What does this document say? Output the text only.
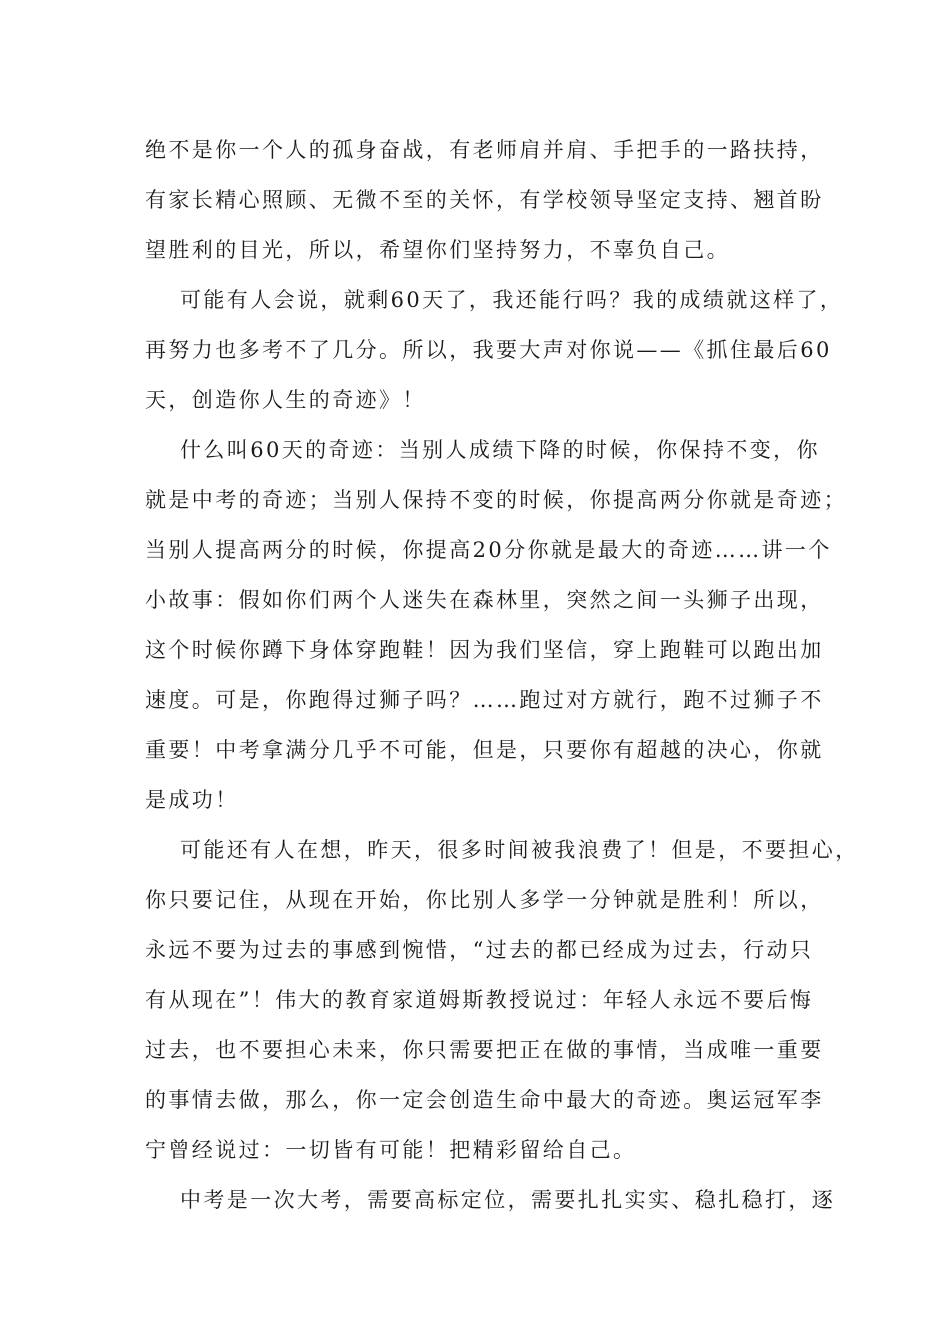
绝不是你一个人的孤身奋战，有老师肩并肩、手把手的一路扶持，
有家长精心照顾、无微不至的关怀，有学校领导坚定支持、翘首盼
望胜利的目光，所以，希望你们坚持努力，不辜负自己。
可能有人会说，就剩60天了，我还能行吗？我的成绩就这样了，
再努力也多考不了几分。所以，我要大声对你说——《抓住最后60
天，创造你人生的奇迹》！
什么叫60天的奇迹：当别人成绩下降的时候，你保持不变，你
就是中考的奇迹；当别人保持不变的时候，你提高两分你就是奇迹；
当别人提高两分的时候，你提高20分你就是最大的奇迹……讲一个
小故事：假如你们两个人迷失在森林里，突然之间一头狮子出现，
这个时候你蹲下身体穿跑鞋！因为我们坚信，穿上跑鞋可以跑出加
速度。可是，你跑得过狮子吗？……跑过对方就行，跑不过狮子不
重要！中考拿满分几乎不可能，但是，只要你有超越的决心，你就
是成功！
可能还有人在想，昨天，很多时间被我浪费了！但是，不要担心，
你只要记住，从现在开始，你比别人多学一分钟就是胜利！所以，
永远不要为过去的事感到惋惜，“过去的都已经成为过去，行动只
有从现在”！伟大的教育家道姆斯教授说过：年轻人永远不要后悔
过去，也不要担心未来，你只需要把正在做的事情，当成唯一重要
的事情去做，那么，你一定会创造生命中最大的奇迹。奥运冠军李
宁曾经说过：一切皆有可能！把精彩留给自己。
中考是一次大考，需要高标定位，需要扎扎实实、稳扎稳打，逐
